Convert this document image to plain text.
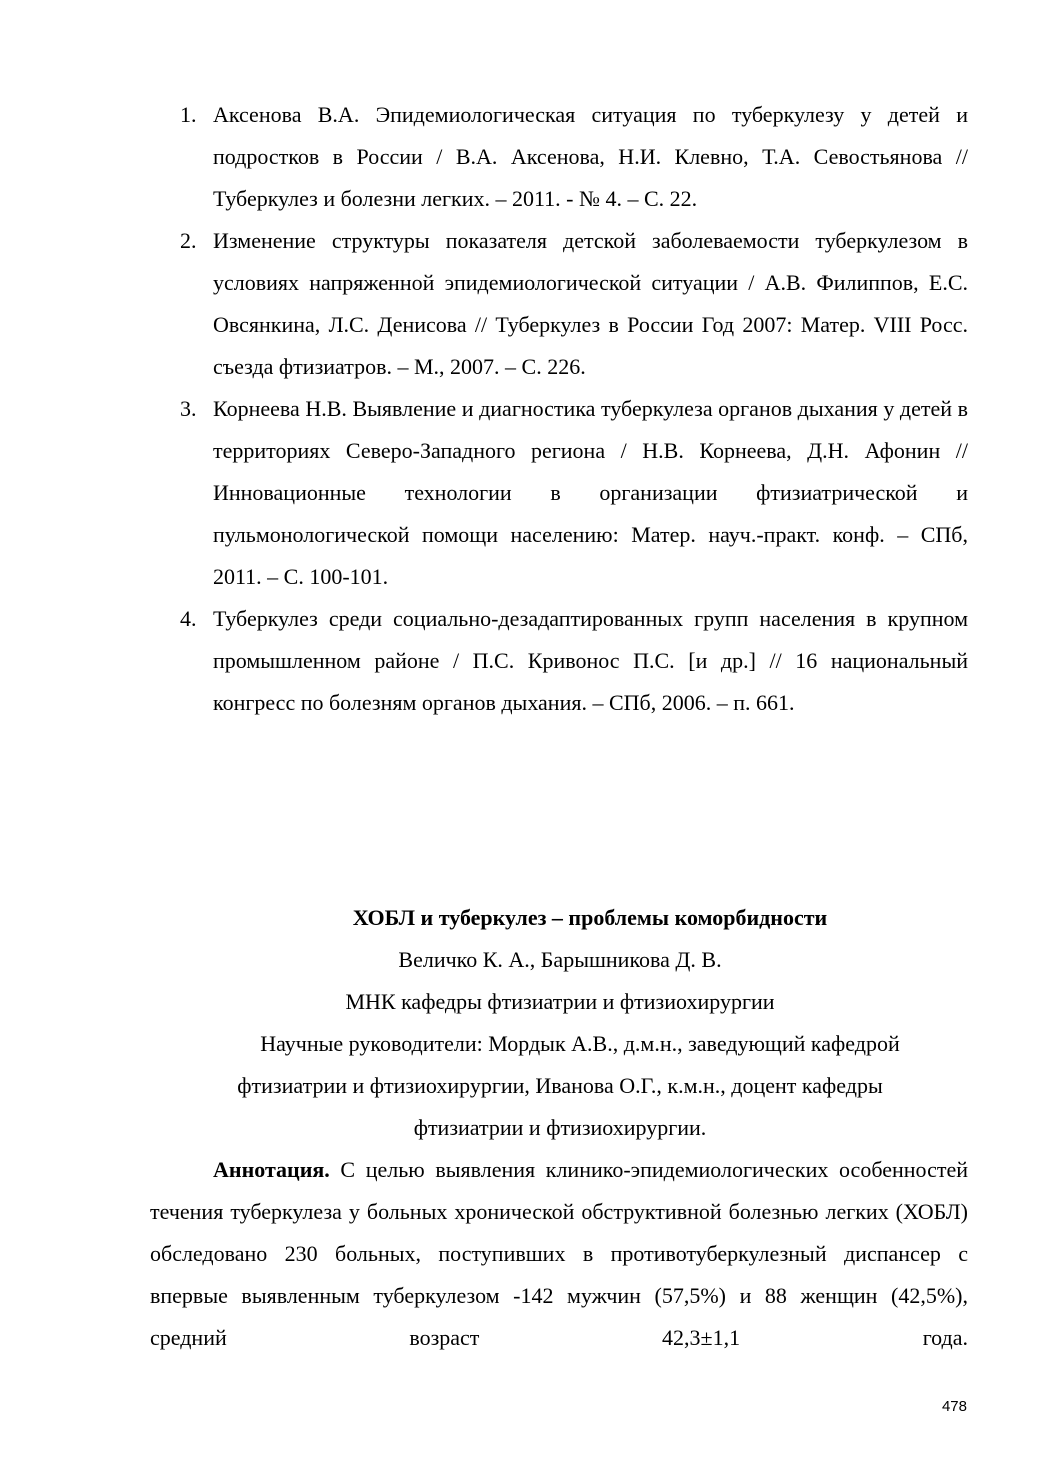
1. Аксенова В.А. Эпидемиологическая ситуация по туберкулезу у детей и подростков в России / В.А. Аксенова, Н.И. Клевно, Т.А. Севостьянова // Туберкулез и болезни легких. – 2011. - № 4. – С. 22.
2. Изменение структуры показателя детской заболеваемости туберкулезом в условиях напряженной эпидемиологической ситуации / А.В. Филиппов, Е.С. Овсянкина, Л.С. Денисова // Туберкулез в России Год 2007: Матер. VIII Росс. съезда фтизиатров. – М., 2007. – С. 226.
3. Корнеева Н.В. Выявление и диагностика туберкулеза органов дыхания у детей в территориях Северо-Западного региона / Н.В. Корнеева, Д.Н. Афонин // Инновационные технологии в организации фтизиатрической и пульмонологической помощи населению: Матер. науч.-практ. конф. – СПб, 2011. – С. 100-101.
4. Туберкулез среди социально-дезадаптированных групп населения в крупном промышленном районе / П.С. Кривонос П.С. [и др.] // 16 национальный конгресс по болезням органов дыхания. – СПб, 2006. – п. 661.
ХОБЛ и туберкулез – проблемы коморбидности
Величко К. А., Барышникова Д. В.
МНК кафедры фтизиатрии и фтизиохирургии
Научные руководители: Мордык А.В., д.м.н., заведующий кафедрой
фтизиатрии и фтизиохирургии, Иванова О.Г., к.м.н., доцент кафедры
фтизиатрии и фтизиохирургии.

Аннотация. С целью выявления клинико-эпидемиологических особенностей течения туберкулеза у больных хронической обструктивной болезнью легких (ХОБЛ) обследовано 230 больных, поступивших в противотуберкулезный диспансер с впервые выявленным туберкулезом -142 мужчин (57,5%) и 88 женщин (42,5%), средний возраст 42,3±1,1 года.

478
